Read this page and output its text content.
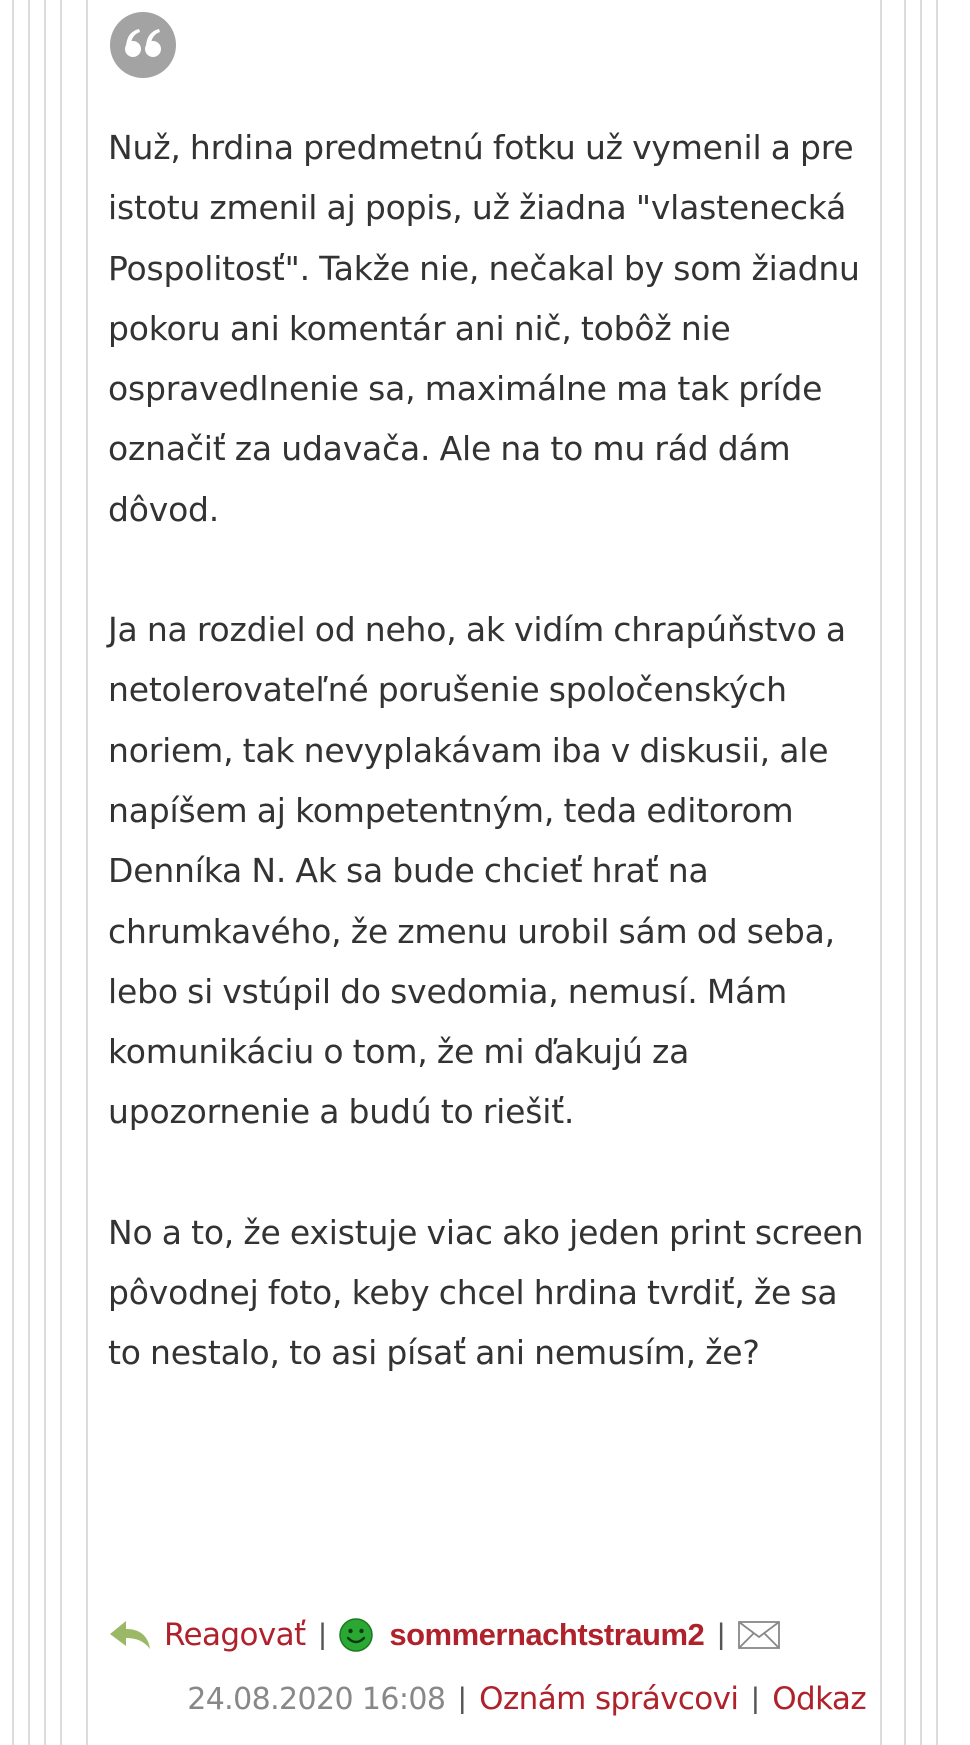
Nuž, hrdina predmetnú fotku už vymenil a pre istotu zmenil aj popis, už žiadna "vlastenecká Pospolitosť". Takže nie, nečakal by som žiadnu pokoru ani komentár ani nič, tobôž nie ospravedlnenie sa, maximálne ma tak príde označiť za udavača. Ale na to mu rád dám dôvod.

Ja na rozdiel od neho, ak vidím chrapúňstvo a netolerovateľné porušenie spoločenských noriem, tak nevyplakávam iba v diskusii, ale napíšem aj kompetentným, teda editorom Denníka N. Ak sa bude chcieť hrať na chrumkavého, že zmenu urobil sám od seba, lebo si vstúpil do svedomia, nemusí. Mám komunikáciu o tom, že mi ďakujú za upozornenie a budú to riešiť.

No a to, že existuje viac ako jeden print screen pôvodnej foto, keby chcel hrdina tvrdiť, že sa to nestalo, to asi písať ani nemusím, že?

Reagovať | sommernachtstraum2 |
24.08.2020 16:08 | Oznám správcovi | Odkaz
